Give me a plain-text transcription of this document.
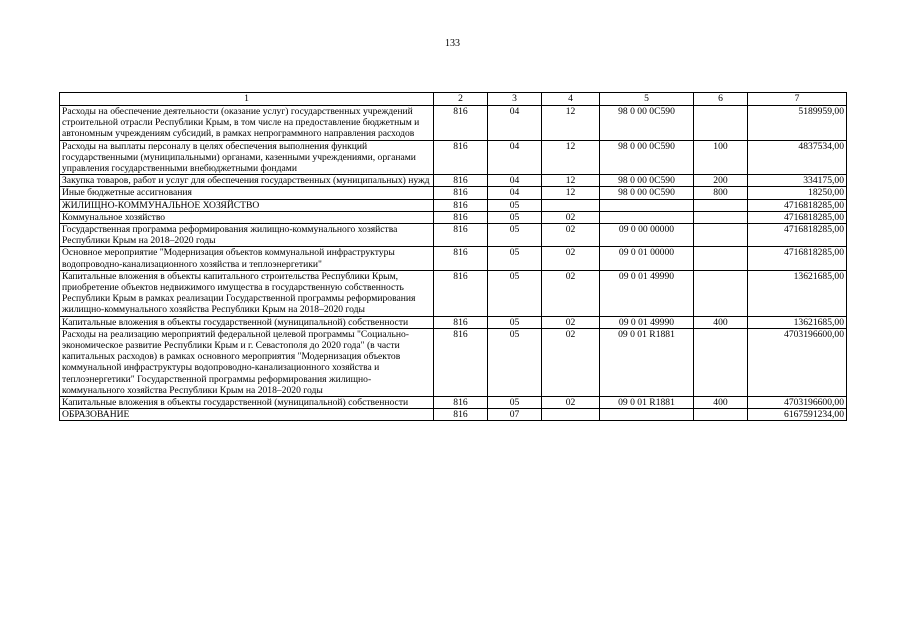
133
1	2	3	4	5	6	7
Расходы на обеспечение деятельности (оказание услуг) государственных учреждений строительной отрасли Республики Крым, в том числе на предоставление бюджетным и автономным учреждениям субсидий, в рамках непрограммного направления расходов	816	04	12	98 0 00 0С590		5189959,00
Расходы на выплаты персоналу в целях обеспечения выполнения функций государственными (муниципальными) органами, казенными учреждениями, органами управления государственными внебюджетными фондами	816	04	12	98 0 00 0С590	100	4837534,00
Закупка товаров, работ и услуг для обеспечения государственных (муниципальных) нужд	816	04	12	98 0 00 0С590	200	334175,00
Иные бюджетные ассигнования	816	04	12	98 0 00 0С590	800	18250,00
ЖИЛИЩНО-КОММУНАЛЬНОЕ ХОЗЯЙСТВО	816	05				4716818285,00
Коммунальное хозяйство	816	05	02			4716818285,00
Государственная программа реформирования жилищно-коммунального хозяйства Республики Крым на 2018–2020 годы	816	05	02	09 0 00 00000		4716818285,00
Основное мероприятие "Модернизация объектов коммунальной инфраструктуры водопроводно-канализационного хозяйства и теплоэнергетики"	816	05	02	09 0 01 00000		4716818285,00
Капитальные вложения в объекты капитального строительства Республики Крым, приобретение объектов недвижимого имущества в государственную собственность Республики Крым в рамках реализации Государственной программы реформирования жилищно-коммунального хозяйства Республики Крым на 2018–2020 годы	816	05	02	09 0 01 49990		13621685,00
Капитальные вложения в объекты государственной (муниципальной) собственности	816	05	02	09 0 01 49990	400	13621685,00
Расходы на реализацию мероприятий федеральной целевой программы "Социально-экономическое развитие Республики Крым и г. Севастополя до 2020 года" (в части капитальных расходов) в рамках основного мероприятия "Модернизация объектов коммунальной инфраструктуры водопроводно-канализационного хозяйства и теплоэнергетики" Государственной программы реформирования жилищно-коммунального хозяйства Республики Крым на 2018–2020 годы	816	05	02	09 0 01 R1881		4703196600,00
Капитальные вложения в объекты государственной (муниципальной) собственности	816	05	02	09 0 01 R1881	400	4703196600,00
ОБРАЗОВАНИЕ	816	07				6167591234,00
